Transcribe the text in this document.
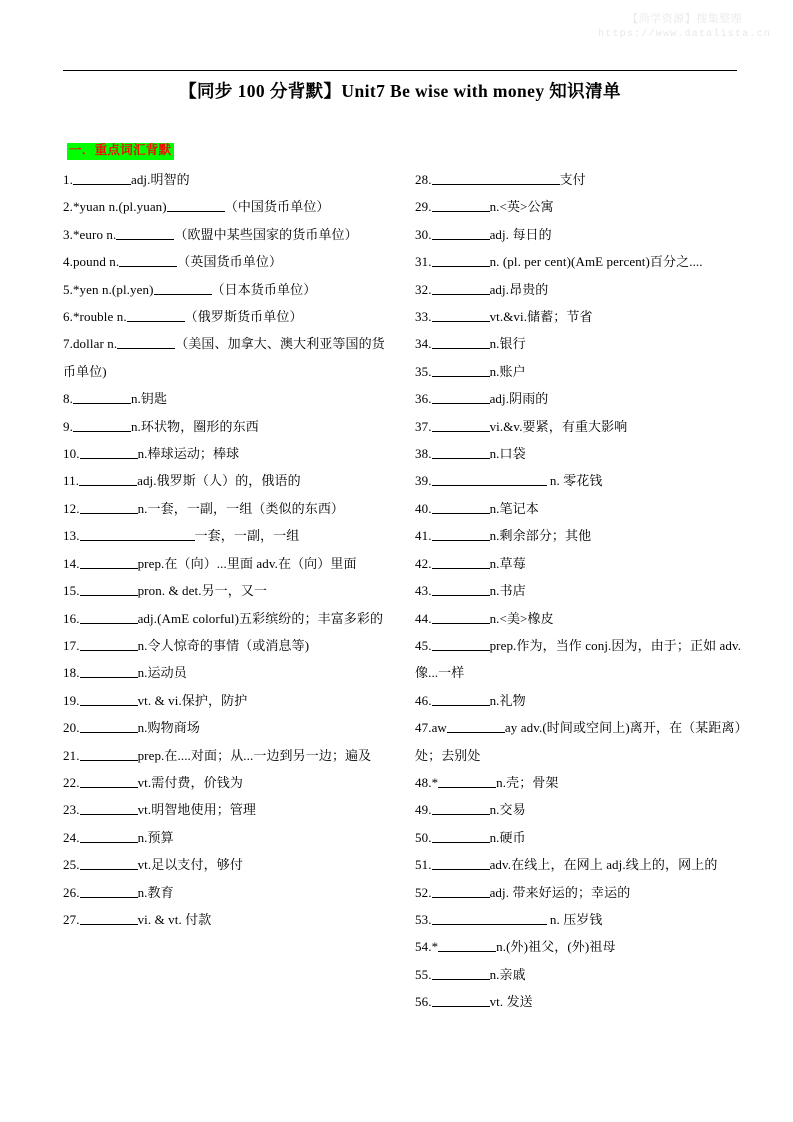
【尚学资源】搜集整理
https://www.datalista.cn
【同步 100 分背默】Unit7 Be wise with money 知识清单
一．重点词汇背默
1.	adj.明智的
2.*yuan n.(pl.yuan)	（中国货币单位）
3.*euro n.	（欧盟中某些国家的货币单位）
4.pound n.	（英国货币单位）
5.*yen n.(pl.yen)	（日本货币单位）
6.*rouble n.	（俄罗斯货币单位）
7.dollar n.	（美国、加拿大、澳大利亚等国的货币单位)
8.	n.钥匙
9.	n.环状物，圈形的东西
10.	n.棒球运动；棒球
11.	adj.俄罗斯（人）的，俄语的
12.	n.一套，一副，一组（类似的东西）
13.	一套，一副，一组
14.	prep.在（向）...里面 adv.在（向）里面
15.	pron. & det.另一，又一
16.	adj.(AmE colorful)五彩缤纷的；丰富多彩的
17.	n.令人惊奇的事情（或消息等)
18.	n.运动员
19.	vt. & vi.保护，防护
20.	n.购物商场
21.	prep.在....对面；从...一边到另一边；遍及
22.	vt.需付费，价钱为
23.	vt.明智地使用；管理
24.	n.预算
25.	vt.足以支付，够付
26.	n.教育
27.	vi. & vt. 付款
28.	支付
29.	n.<英>公寓
30.	adj. 每日的
31.	n. (pl. per cent)(AmE percent)百分之....
32.	adj.昂贵的
33.	vt.&vi.储蓄；节省
34.	n.银行
35.	n.账户
36.	adj.阴雨的
37.	vi.&v.要紧，有重大影响
38.	n.口袋
39.	n. 零花钱
40.	n.笔记本
41.	n.剩余部分；其他
42.	n.草莓
43.	n.书店
44.	n.<美>橡皮
45.	prep.作为，当作 conj.因为，由于；正如 adv. 像...一样
46.	n.礼物
47.aw	ay adv.(时间或空间上)离开，在（某距离）处；去别处
48.*	n.壳；骨架
49.	n.交易
50.	n.硬币
51.	adv.在线上，在网上 adj.线上的，网上的
52.	adj. 带来好运的；幸运的
53.	n. 压岁钱
54.*	n.(外)祖父，(外)祖母
55.	n.亲戚
56.	vt. 发送
